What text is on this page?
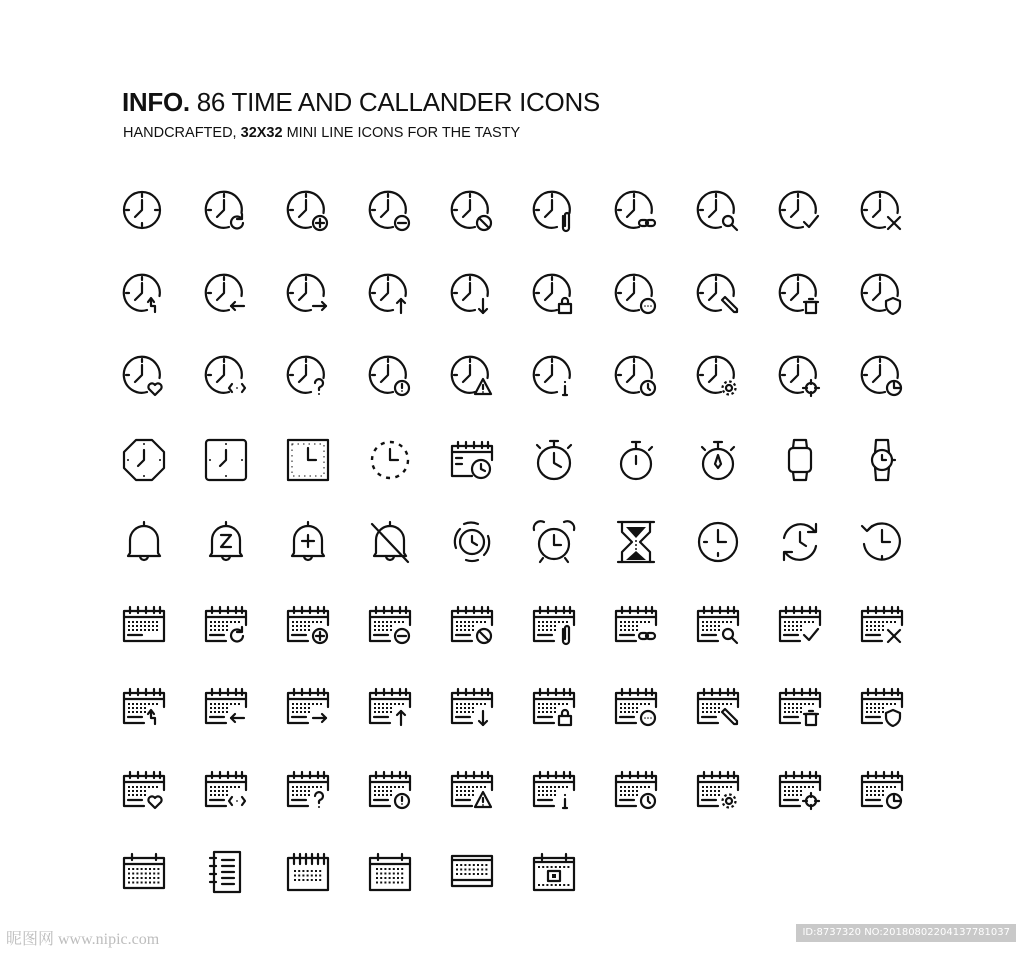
INFO. 86 TIME AND CALLANDER ICONS
HANDCRAFTED, 32X32 MINI LINE ICONS FOR THE TASTY
昵图网 www.nipic.com	ID:8737320 NO:20180802204137781037
